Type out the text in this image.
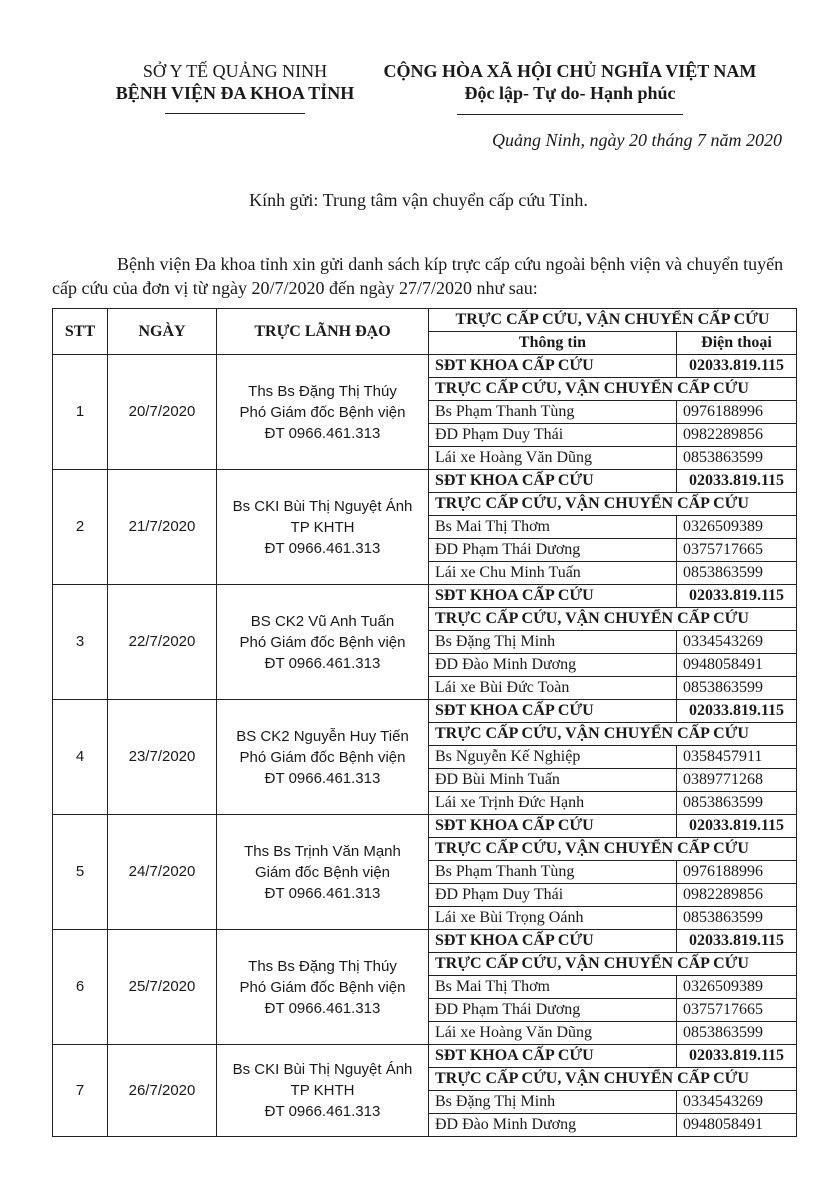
SỞ Y TẾ QUẢNG NINH
BỆNH VIỆN ĐA KHOA TỈNH
CỘNG HÒA XÃ HỘI CHỦ NGHĨA VIỆT NAM
Độc lập- Tự do- Hạnh phúc
Quảng Ninh, ngày 20 tháng 7 năm 2020
Kính gửi: Trung tâm vận chuyển cấp cứu Tỉnh.
Bệnh viện Đa khoa tỉnh xin gửi danh sách kíp trực cấp cứu ngoài bệnh viện và chuyển tuyến cấp cứu của đơn vị từ ngày 20/7/2020 đến ngày 27/7/2020 như sau:
STT	NGÀY	TRỰC LÃNH ĐẠO	TRỰC CẤP CỨU, VẬN CHUYỂN CẤP CỨU	
			Thông tin	Điện thoại
1	20/7/2020	Ths Bs Đặng Thị Thúy
Phó Giám đốc Bệnh viện
ĐT 0966.461.313	SĐT KHOA CẤP CỨU	02033.819.115
			TRỰC CẤP CỨU, VẬN CHUYỂN CẤP CỨU	
			Bs Phạm Thanh Tùng	0976188996
			ĐD Phạm Duy Thái	0982289856
			Lái xe Hoàng Văn Dũng	0853863599
2	21/7/2020	Bs CKI Bùi Thị Nguyệt Ánh
TP KHTH
ĐT 0966.461.313	SĐT KHOA CẤP CỨU	02033.819.115
			TRỰC CẤP CỨU, VẬN CHUYỂN CẤP CỨU	
			Bs Mai Thị Thơm	0326509389
			ĐD Phạm Thái Dương	0375717665
			Lái xe Chu Minh Tuấn	0853863599
3	22/7/2020	BS CK2 Vũ Anh Tuấn
Phó Giám đốc Bệnh viện
ĐT 0966.461.313	SĐT KHOA CẤP CỨU	02033.819.115
			TRỰC CẤP CỨU, VẬN CHUYỂN CẤP CỨU	
			Bs Đặng Thị Minh	0334543269
			ĐD Đào Minh Dương	0948058491
			Lái xe Bùi Đức Toàn	0853863599
4	23/7/2020	BS CK2 Nguyễn Huy Tiến
Phó Giám đốc Bệnh viện
ĐT 0966.461.313	SĐT KHOA CẤP CỨU	02033.819.115
			TRỰC CẤP CỨU, VẬN CHUYỂN CẤP CỨU	
			Bs Nguyễn Kế Nghiệp	0358457911
			ĐD Bùi Minh Tuấn	0389771268
			Lái xe Trịnh Đức Hạnh	0853863599
5	24/7/2020	Ths Bs Trịnh Văn Mạnh
Giám đốc Bệnh viện
ĐT 0966.461.313	SĐT KHOA CẤP CỨU	02033.819.115
			TRỰC CẤP CỨU, VẬN CHUYỂN CẤP CỨU	
			Bs Phạm Thanh Tùng	0976188996
			ĐD Phạm Duy Thái	0982289856
			Lái xe Bùi Trọng Oánh	0853863599
6	25/7/2020	Ths Bs Đặng Thị Thúy
Phó Giám đốc Bệnh viện
ĐT 0966.461.313	SĐT KHOA CẤP CỨU	02033.819.115
			TRỰC CẤP CỨU, VẬN CHUYỂN CẤP CỨU	
			Bs Mai Thị Thơm	0326509389
			ĐD Phạm Thái Dương	0375717665
			Lái xe Hoàng Văn Dũng	0853863599
7	26/7/2020	Bs CKI Bùi Thị Nguyệt Ánh
TP KHTH
ĐT 0966.461.313	SĐT KHOA CẤP CỨU	02033.819.115
			TRỰC CẤP CỨU, VẬN CHUYỂN CẤP CỨU	
			Bs Đặng Thị Minh	0334543269
			ĐD Đào Minh Dương	0948058491
